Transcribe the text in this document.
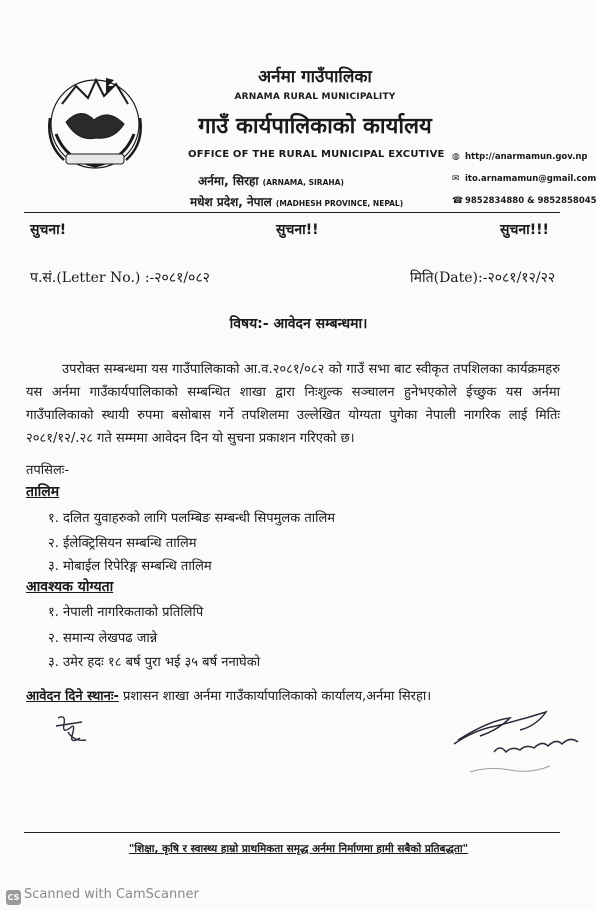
अर्नमा गाउँपालिका
ARNAMA RURAL MUNICIPALITY
गाउँ कार्यपालिकाको कार्यालय
OFFICE OF THE RURAL MUNICIPAL EXCUTIVE
अर्नमा, सिरहा (ARNAMA, SIRAHA)
मधेश प्रदेश, नेपाल (MADHESH PROVINCE, NEPAL)
◍ http://anarmamun.gov.np
✉ ito.arnamamun@gmail.com
☎ 9852834880 & 9852858045
सुचना!	सुचना!!	सुचना!!!
प.सं.(Letter No.) :-२०८१/०८२	मिति(Date):-२०८१/१२/२२
विषय:- आवेदन सम्बन्धमा।
उपरोक्त सम्बन्धमा यस गाउँपालिकाको आ.व.२०८१/०८२ को गाउँ सभा बाट स्वीकृत तपशिलका कार्यक्रमहरु यस अर्नमा गाउँकार्यपालिकाको सम्बन्धित शाखा द्वारा निःशुल्क सञ्चालन हुनेभएकोले ईच्छुक यस अर्नमा गाउँपालिकाको स्थायी रुपमा बसोबास गर्ने तपशिलमा उल्लेखित योग्यता पुगेका नेपाली नागरिक लाई मितिः २०८१/१२/.२८ गते सम्ममा आवेदन दिन यो सुचना प्रकाशन गरिएको छ।
तपसिलः-
तालिम
१. दलित युवाहरुको लागि पलम्बिङ सम्बन्धी सिपमुलक तालिम
२. ईलेक्ट्रिसियन सम्बन्धि तालिम
३. मोबाईल रिपेरिङ्ग सम्बन्धि तालिम
आवश्यक योग्यता
१. नेपाली नागरिकताको प्रतिलिपि
२. समान्य लेखपढ जान्ने
३. उमेर हदः १८ बर्ष पुरा भई ३५ बर्ष ननाघेको
आवेदन दिने स्थानः- प्रशासन शाखा अर्नमा गाउँकार्यापालिकाको कार्यालय,अर्नमा सिरहा।
"शिक्षा, कृषि र स्वास्थ्य हाम्रो प्राथमिकता समृद्ध अर्नमा निर्माणमा हामी सबैको प्रतिबद्धता"
CS Scanned with CamScanner
